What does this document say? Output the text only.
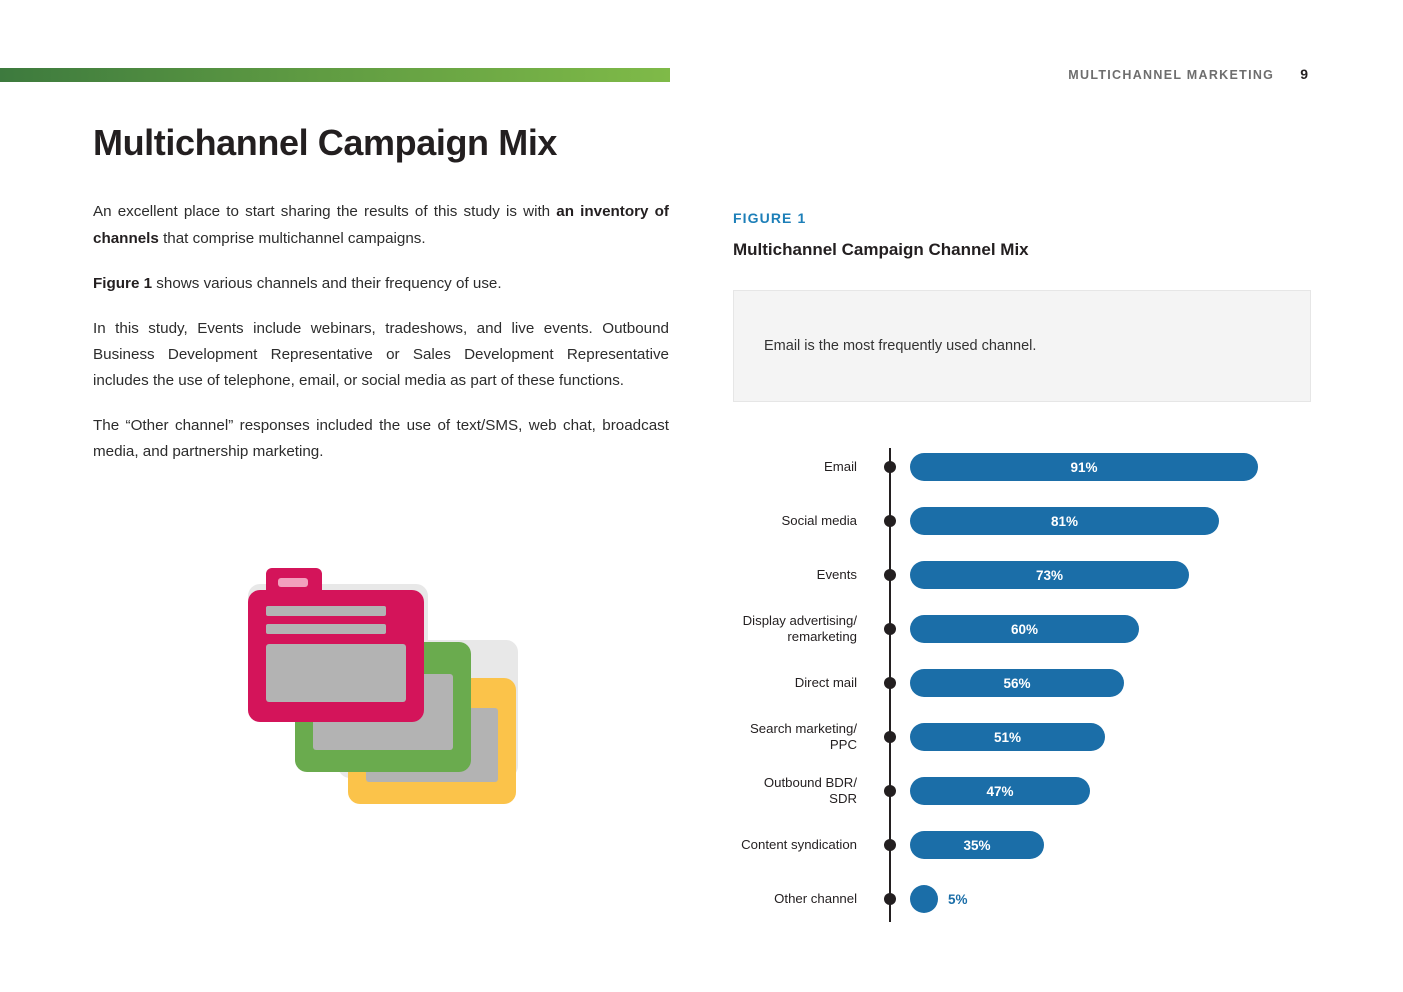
MULTICHANNEL MARKETING 9
Multichannel Campaign Mix
An excellent place to start sharing the results of this study is with an inventory of channels that comprise multichannel campaigns.
Figure 1 shows various channels and their frequency of use.
In this study, Events include webinars, tradeshows, and live events. Outbound Business Development Representative or Sales Development Representative includes the use of telephone, email, or social media as part of these functions.
The “Other channel” responses included the use of text/SMS, web chat, broadcast media, and partnership marketing.
FIGURE 1
Multichannel Campaign Channel Mix
Email is the most frequently used channel.
Email	91%
Social media	81%
Events	73%
Display advertising/
remarketing	60%
Direct mail	56%
Search marketing/
PPC	51%
Outbound BDR/
SDR	47%
Content syndication	35%
Other channel	5%
